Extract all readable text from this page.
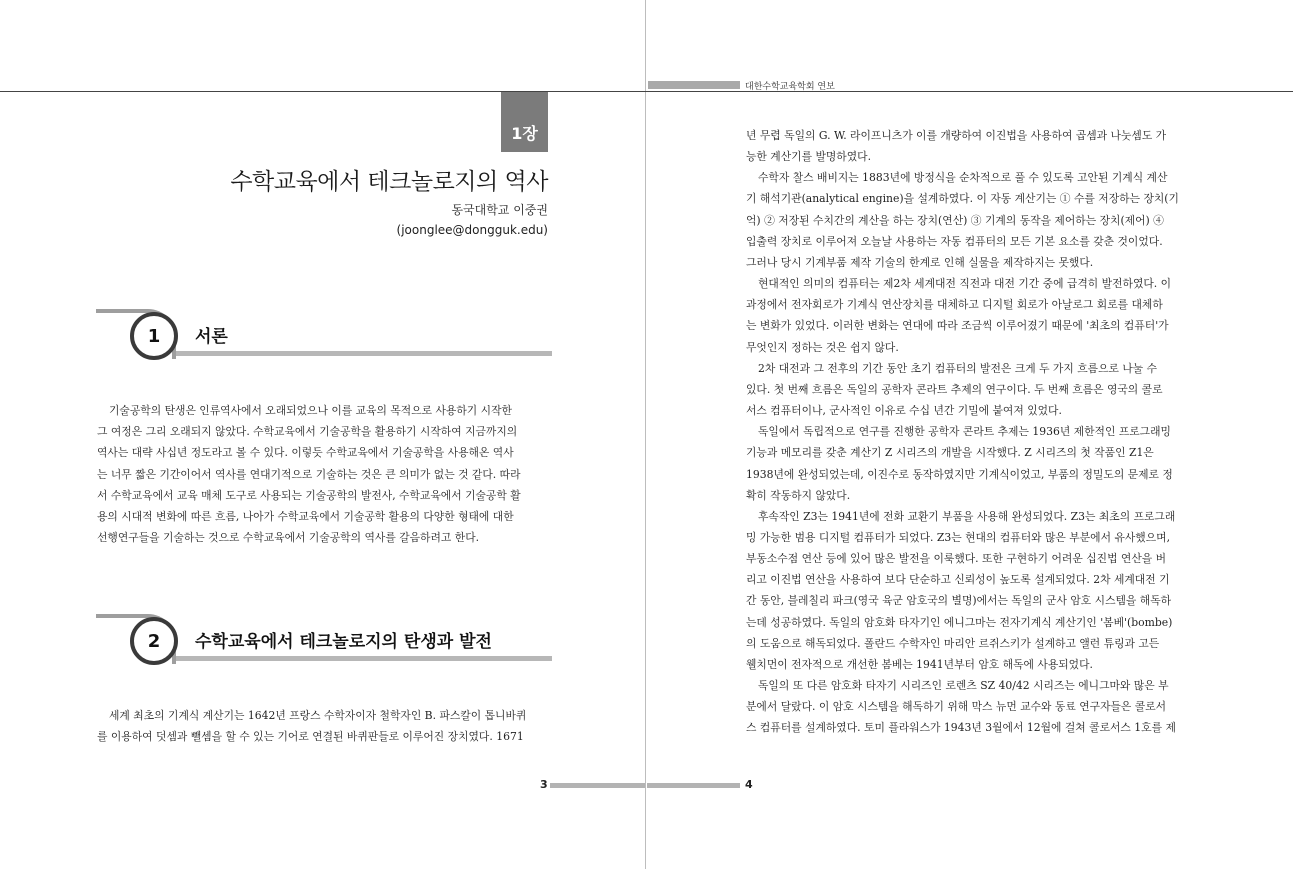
대한수학교육학회 연보
1장
수학교육에서 테크놀로지의 역사
동국대학교 이중권
(joonglee@dongguk.edu)
1	서론
기술공학의 탄생은 인류역사에서 오래되었으나 이를 교육의 목적으로 사용하기 시작한
그 여정은 그리 오래되지 않았다. 수학교육에서 기술공학을 활용하기 시작하여 지금까지의
역사는 대략 사십년 정도라고 볼 수 있다. 이렇듯 수학교육에서 기술공학을 사용해온 역사
는 너무 짧은 기간이어서 역사를 연대기적으로 기술하는 것은 큰 의미가 없는 것 같다. 따라
서 수학교육에서 교육 매체 도구로 사용되는 기술공학의 발전사, 수학교육에서 기술공학 활
용의 시대적 변화에 따른 흐름, 나아가 수학교육에서 기술공학 활용의 다양한 형태에 대한
선행연구들을 기술하는 것으로 수학교육에서 기술공학의 역사를 갈음하려고 한다.
2	수학교육에서 테크놀로지의 탄생과 발전
세계 최초의 기계식 계산기는 1642년 프랑스 수학자이자 철학자인 B. 파스칼이 톱니바퀴
를 이용하여 덧셈과 뺄셈을 할 수 있는 기어로 연결된 바퀴판들로 이루어진 장치였다. 1671
년 무렵 독일의 G. W. 라이프니츠가 이를 개량하여 이진법을 사용하여 곱셈과 나눗셈도 가
능한 계산기를 발명하였다.
수학자 찰스 배비지는 1883년에 방정식을 순차적으로 풀 수 있도록 고안된 기계식 계산
기 해석기관(analytical engine)을 설계하였다. 이 자동 계산기는 ① 수를 저장하는 장치(기
억) ② 저장된 수치간의 계산을 하는 장치(연산) ③ 기계의 동작을 제어하는 장치(제어) ④
입출력 장치로 이루어져 오늘날 사용하는 자동 컴퓨터의 모든 기본 요소를 갖춘 것이었다.
그러나 당시 기계부품 제작 기술의 한계로 인해 실물을 제작하지는 못했다.
현대적인 의미의 컴퓨터는 제2차 세계대전 직전과 대전 기간 중에 급격히 발전하였다. 이
과정에서 전자회로가 기계식 연산장치를 대체하고 디지털 회로가 아날로그 회로를 대체하
는 변화가 있었다. 이러한 변화는 연대에 따라 조금씩 이루어졌기 때문에 '최초의 컴퓨터'가
무엇인지 정하는 것은 쉽지 않다.
2차 대전과 그 전후의 기간 동안 초기 컴퓨터의 발전은 크게 두 가지 흐름으로 나눌 수
있다. 첫 번째 흐름은 독일의 공학자 콘라트 추제의 연구이다. 두 번째 흐름은 영국의 콜로
서스 컴퓨터이나, 군사적인 이유로 수십 년간 기밀에 붙여져 있었다.
독일에서 독립적으로 연구를 진행한 공학자 콘라트 추제는 1936년 제한적인 프로그래밍
기능과 메모리를 갖춘 계산기 Z 시리즈의 개발을 시작했다. Z 시리즈의 첫 작품인 Z1은
1938년에 완성되었는데, 이진수로 동작하였지만 기계식이었고, 부품의 정밀도의 문제로 정
확히 작동하지 않았다.
후속작인 Z3는 1941년에 전화 교환기 부품을 사용해 완성되었다. Z3는 최초의 프로그래
밍 가능한 범용 디지털 컴퓨터가 되었다. Z3는 현대의 컴퓨터와 많은 부분에서 유사했으며,
부동소수점 연산 등에 있어 많은 발전을 이룩했다. 또한 구현하기 어려운 십진법 연산을 버
리고 이진법 연산을 사용하여 보다 단순하고 신뢰성이 높도록 설계되었다. 2차 세계대전 기
간 동안, 블레칠리 파크(영국 육군 암호국의 별명)에서는 독일의 군사 암호 시스템을 해독하
는데 성공하였다. 독일의 암호화 타자기인 에니그마는 전자기계식 계산기인 '봄베'(bombe)
의 도움으로 해독되었다. 폴란드 수학자인 마리안 르쥐스키가 설계하고 앨런 튜링과 고든
웰치먼이 전자적으로 개선한 봄베는 1941년부터 암호 해독에 사용되었다.
독일의 또 다른 암호화 타자기 시리즈인 로렌츠 SZ 40/42 시리즈는 에니그마와 많은 부
분에서 달랐다. 이 암호 시스템을 해독하기 위해 막스 뉴먼 교수와 동료 연구자들은 콜로서
스 컴퓨터를 설계하였다. 토미 플라워스가 1943년 3월에서 12월에 걸쳐 콜로서스 1호를 제
3	4
